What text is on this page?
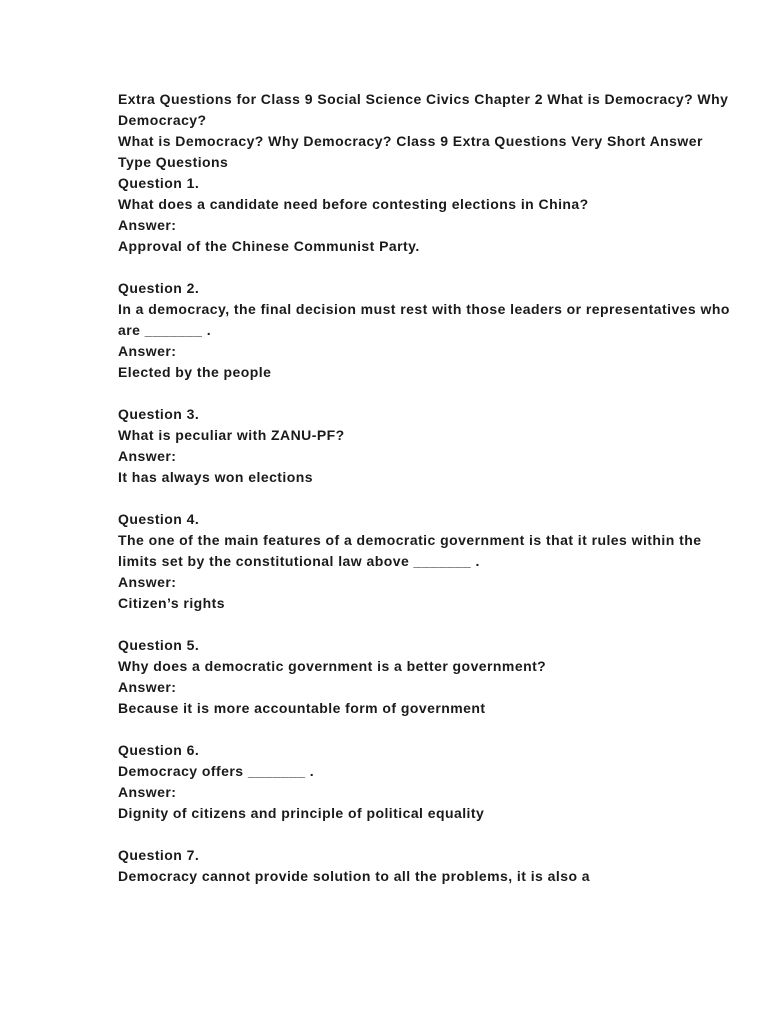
Extra Questions for Class 9 Social Science Civics Chapter 2 What is Democracy? Why Democracy?

What is Democracy? Why Democracy? Class 9 Extra Questions Very Short Answer Type Questions

Question 1.

What does a candidate need before contesting elections in China?

Answer:

Approval of the Chinese Communist Party.

Question 2.

In a democracy, the final decision must rest with those leaders or representatives who are _______ .

Answer:

Elected by the people

Question 3.

What is peculiar with ZANU-PF?

Answer:

It has always won elections

Question 4.

The one of the main features of a democratic government is that it rules within the limits set by the constitutional law above _______ .

Answer:

Citizen’s rights

Question 5.

Why does a democratic government is a better government?

Answer:

Because it is more accountable form of government

Question 6.

Democracy offers _______ .

Answer:

Dignity of citizens and principle of political equality

Question 7.

Democracy cannot provide solution to all the problems, it is also a
